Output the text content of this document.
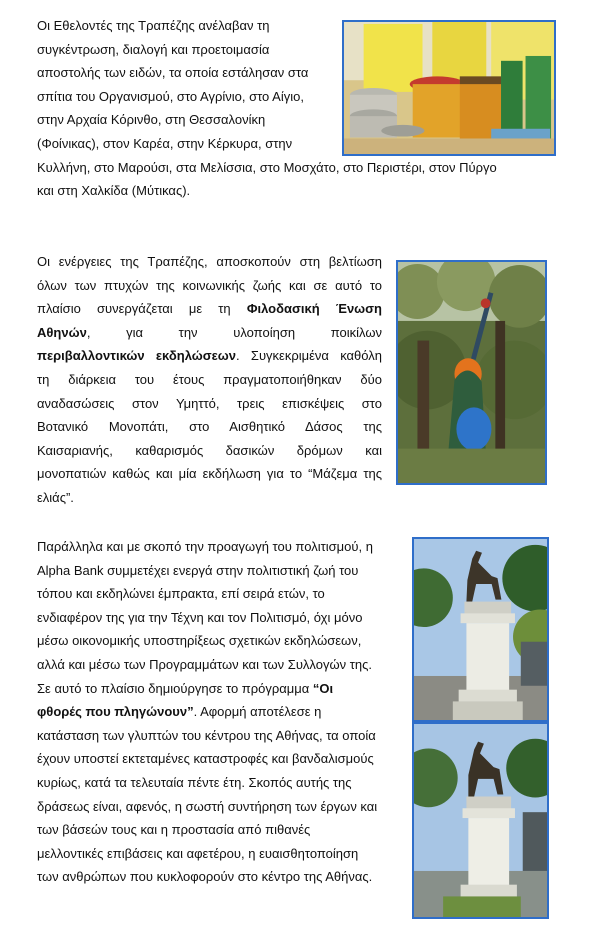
Οι Εθελοντές της Τραπέζης ανέλαβαν τη
συγκέντρωση, διαλογή και προετοιμασία
αποστολής των ειδών, τα οποία εστάλησαν στα
σπίτια του Οργανισμού, στο Αγρίνιο, στο Αίγιο,
στην Αρχαία Κόρινθο, στη Θεσσαλονίκη
(Φοίνικας), στον Καρέα, στην Κέρκυρα, στην
Κυλλήνη, στο Μαρούσι, στα Μελίσσια, στο Μοσχάτο, στο Περιστέρι, στον Πύργο
και στη Χαλκίδα (Μύτικας).
Οι ενέργειες της Τραπέζης, αποσκοπούν στη βελτίωση
όλων των πτυχών της κοινωνικής ζωής και σε αυτό το
πλαίσιο συνεργάζεται με τη Φιλοδασική Ένωση
Αθηνών, για την υλοποίηση ποικίλων
περιβαλλοντικών εκδηλώσεων. Συγκεκριμένα καθόλη
τη διάρκεια του έτους πραγματοποιήθηκαν δύο
αναδασώσεις στον Υμηττό, τρεις επισκέψεις στο
Βοτανικό Μονοπάτι, στο Αισθητικό Δάσος της
Καισαριανής, καθαρισμός δασικών δρόμων και
μονοπατιών καθώς και μία εκδήλωση για το “Μάζεμα της
ελιάς”.
Παράλληλα και με σκοπό την προαγωγή του πολιτισμού, η
Alpha Bank συμμετέχει ενεργά στην πολιτιστική ζωή του
τόπου και εκδηλώνει έμπρακτα, επί σειρά ετών, το
ενδιαφέρον της για την Τέχνη και τον Πολιτισμό, όχι μόνο
μέσω οικονομικής υποστηρίξεως σχετικών εκδηλώσεων,
αλλά και μέσω των Προγραμμάτων και των Συλλογών της.
Σε αυτό το πλαίσιο δημιούργησε το πρόγραμμα “Οι
φθορές που πληγώνουν”. Αφορμή αποτέλεσε η
κατάσταση των γλυπτών του κέντρου της Αθήνας, τα οποία
έχουν υποστεί εκτεταμένες καταστροφές και βανδαλισμούς
κυρίως, κατά τα τελευταία πέντε έτη. Σκοπός αυτής της
δράσεως είναι, αφενός, η σωστή συντήρηση των έργων και
των βάσεών τους και η προστασία από πιθανές
μελλοντικές επιβάσεις και αφετέρου, η ευαισθητοποίηση
των ανθρώπων που κυκλοφορούν στο κέντρο της Αθήνας.
